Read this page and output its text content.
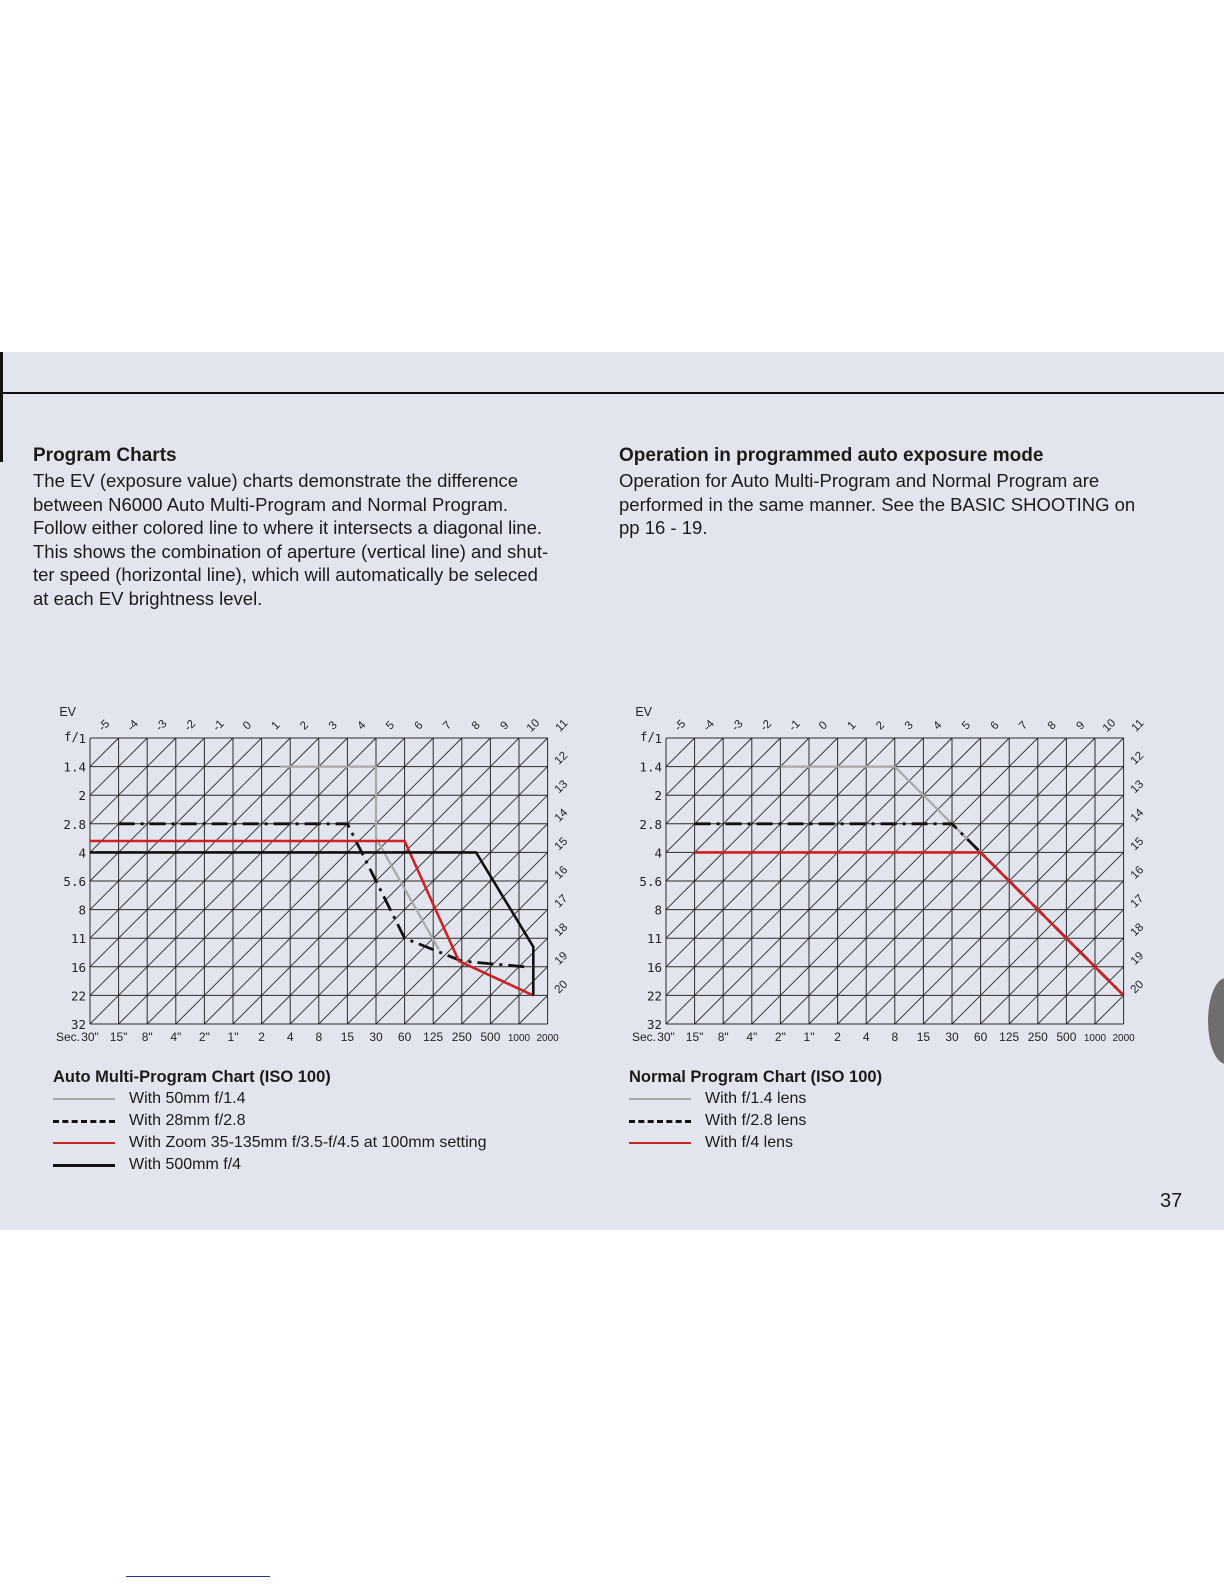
Program Charts

The EV (exposure value) charts demonstrate the difference
between N6000 Auto Multi-Program and Normal Program.
Follow either colored line to where it intersects a diagonal line.
This shows the combination of aperture (vertical line) and shut-
ter speed (horizontal line), which will automatically be seleced
at each EV brightness level.

Operation in programmed auto exposure mode

Operation for Auto Multi-Program and Normal Program are
performed in the same manner. See the BASIC SHOOTING on
pp 16 - 19.

1
1.4
2
2.8
4
5.6
8
11
16
22
32
f/
EV
30" 15" 8" 4" 2" 1" 2 4 8 15 30 60 125 250 500 1000 2000
Sec.
-5 -4 -3 -2 -1 0 1 2 3 4 5 6 7 8 9 10 11
12
13
14
15
16
17
18
19
20
1
1.4
2
2.8
4
5.6
8
11
16
22
32
f/
EV
30" 15" 8" 4" 2" 1" 2 4 8 15 30 60 125 250 500 1000 2000
Sec.
-5 -4 -3 -2 -1 0 1 2 3 4 5 6 7 8 9 10 11
12
13
14
15
16
17
18
19
20
Auto Multi-Program Chart (ISO 100)
With 50mm f/1.4
With 28mm f/2.8
With Zoom 35-135mm f/3.5-f/4.5 at 100mm setting
With 500mm f/4
Normal Program Chart (ISO 100)
With f/1.4 lens
With f/2.8 lens
With f/4 lens
37
